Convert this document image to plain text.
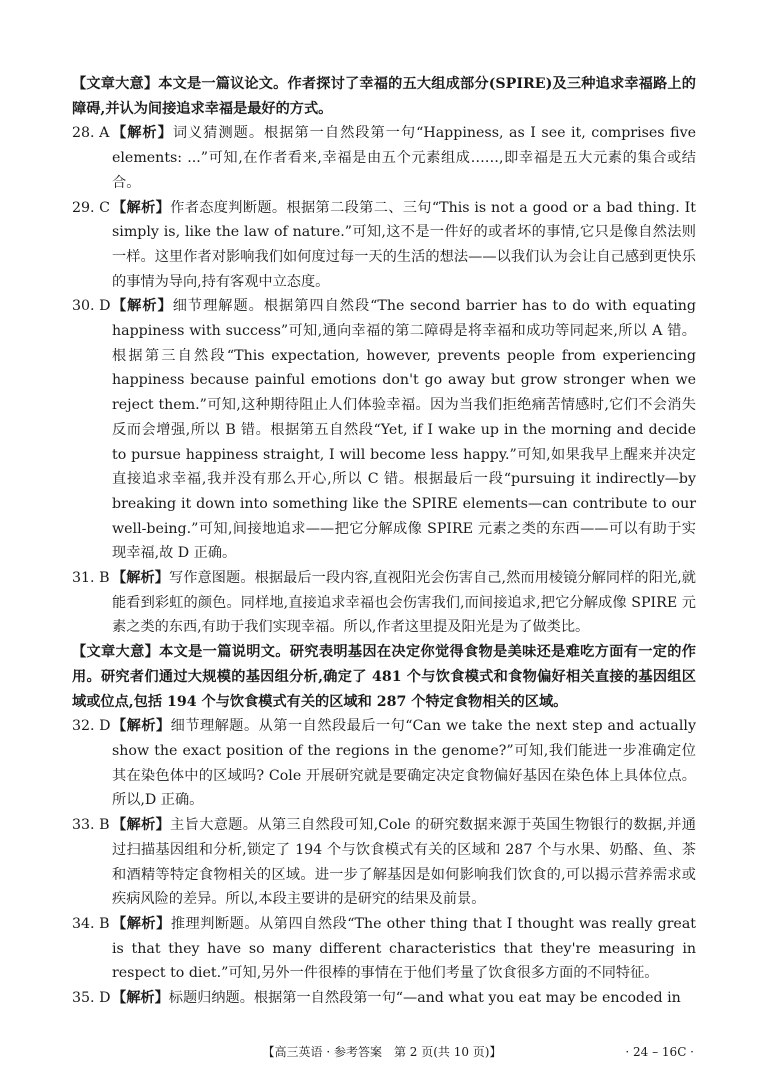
【文章大意】本文是一篇议论文。作者探讨了幸福的五大组成部分(SPIRE)及三种追求幸福路上的障碍,并认为间接追求幸福是最好的方式。
28. A 【解析】词义猜测题。根据第一自然段第一句“Happiness, as I see it, comprises five elements: ...”可知,在作者看来,幸福是由五个元素组成……,即幸福是五大元素的集合或结合。
29. C 【解析】作者态度判断题。根据第二段第二、三句“This is not a good or a bad thing. It simply is, like the law of nature.”可知,这不是一件好的或者坏的事情,它只是像自然法则一样。这里作者对影响我们如何度过每一天的生活的想法——以我们认为会让自己感到更快乐的事情为导向,持有客观中立态度。
30. D 【解析】细节理解题。根据第四自然段“The second barrier has to do with equating happiness with success”可知,通向幸福的第二障碍是将幸福和成功等同起来,所以 A 错。根据第三自然段“This expectation, however, prevents people from experiencing happiness because painful emotions don't go away but grow stronger when we reject them.”可知,这种期待阻止人们体验幸福。因为当我们拒绝痛苦情感时,它们不会消失反而会增强,所以 B 错。根据第五自然段“Yet, if I wake up in the morning and decide to pursue happiness straight, I will become less happy.”可知,如果我早上醒来并决定直接追求幸福,我并没有那么开心,所以 C 错。根据最后一段“pursuing it indirectly—by breaking it down into something like the SPIRE elements—can contribute to our well-being.”可知,间接地追求——把它分解成像 SPIRE 元素之类的东西——可以有助于实现幸福,故 D 正确。
31. B 【解析】写作意图题。根据最后一段内容,直视阳光会伤害自己,然而用棱镜分解同样的阳光,就能看到彩虹的颜色。同样地,直接追求幸福也会伤害我们,而间接追求,把它分解成像 SPIRE 元素之类的东西,有助于我们实现幸福。所以,作者这里提及阳光是为了做类比。
【文章大意】本文是一篇说明文。研究表明基因在决定你觉得食物是美味还是难吃方面有一定的作用。研究者们通过大规模的基因组分析,确定了 481 个与饮食模式和食物偏好相关直接的基因组区域或位点,包括 194 个与饮食模式有关的区域和 287 个特定食物相关的区域。
32. D 【解析】细节理解题。从第一自然段最后一句“Can we take the next step and actually show the exact position of the regions in the genome?”可知,我们能进一步准确定位其在染色体中的区域吗? Cole 开展研究就是要确定决定食物偏好基因在染色体上具体位点。所以,D 正确。
33. B 【解析】主旨大意题。从第三自然段可知,Cole 的研究数据来源于英国生物银行的数据,并通过扫描基因组和分析,锁定了 194 个与饮食模式有关的区域和 287 个与水果、奶酪、鱼、茶和酒精等特定食物相关的区域。进一步了解基因是如何影响我们饮食的,可以揭示营养需求或疾病风险的差异。所以,本段主要讲的是研究的结果及前景。
34. B 【解析】推理判断题。从第四自然段“The other thing that I thought was really great is that they have so many different characteristics that they're measuring in respect to diet.”可知,另外一件很棒的事情在于他们考量了饮食很多方面的不同特征。
35. D 【解析】标题归纳题。根据第一自然段第一句“—and what you eat may be encoded in
【高三英语 · 参考答案　第 2 页(共 10 页)】	· 24 – 16C ·
